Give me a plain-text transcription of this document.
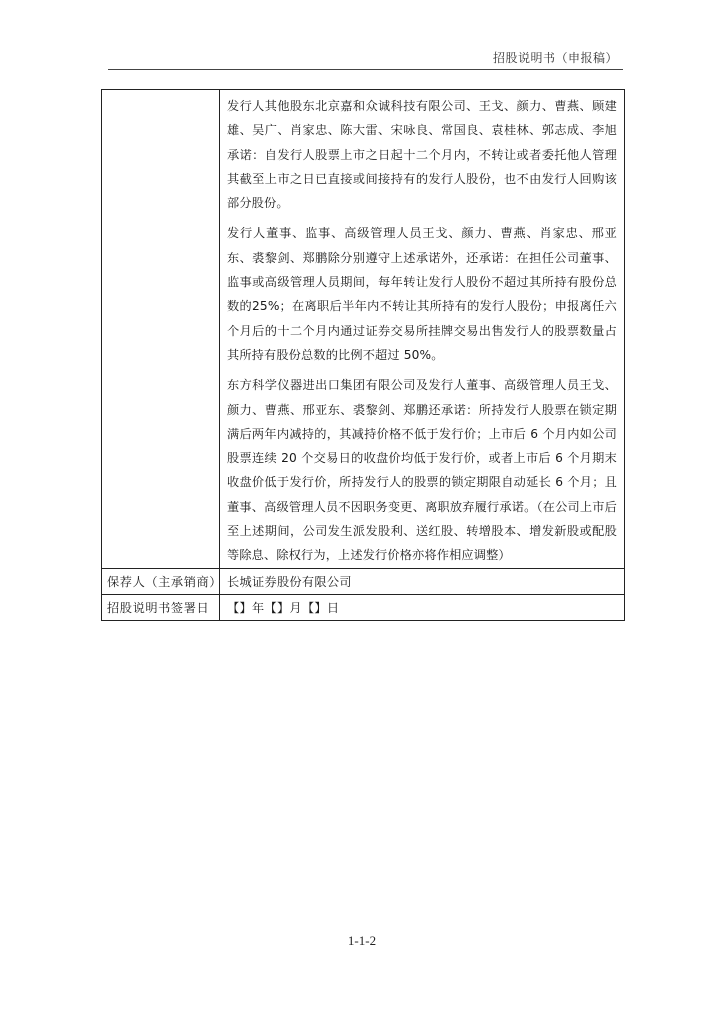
招股说明书（申报稿）

	发行人其他股东北京嘉和众诚科技有限公司、王戈、颜力、曹燕、顾建雄、吴广、肖家忠、陈大雷、宋咏良、常国良、袁桂林、郭志成、李旭承诺：自发行人股票上市之日起十二个月内，不转让或者委托他人管理其截至上市之日已直接或间接持有的发行人股份，也不由发行人回购该部分股份。

发行人董事、监事、高级管理人员王戈、颜力、曹燕、肖家忠、邢亚东、裘黎剑、郑鹏除分别遵守上述承诺外，还承诺：在担任公司董事、监事或高级管理人员期间，每年转让发行人股份不超过其所持有股份总数的25%；在离职后半年内不转让其所持有的发行人股份；申报离任六个月后的十二个月内通过证券交易所挂牌交易出售发行人的股票数量占其所持有股份总数的比例不超过 50%。

东方科学仪器进出口集团有限公司及发行人董事、高级管理人员王戈、颜力、曹燕、邢亚东、裘黎剑、郑鹏还承诺：所持发行人股票在锁定期满后两年内减持的，其减持价格不低于发行价；上市后 6 个月内如公司股票连续 20 个交易日的收盘价均低于发行价，或者上市后 6 个月期末收盘价低于发行价，所持发行人的股票的锁定期限自动延长 6 个月；且董事、高级管理人员不因职务变更、离职放弃履行承诺。（在公司上市后至上述期间，公司发生派发股利、送红股、转增股本、增发新股或配股等除息、除权行为，上述发行价格亦将作相应调整）

保荐人（主承销商）	长城证券股份有限公司
招股说明书签署日	【】年【】月【】日
1-1-2
